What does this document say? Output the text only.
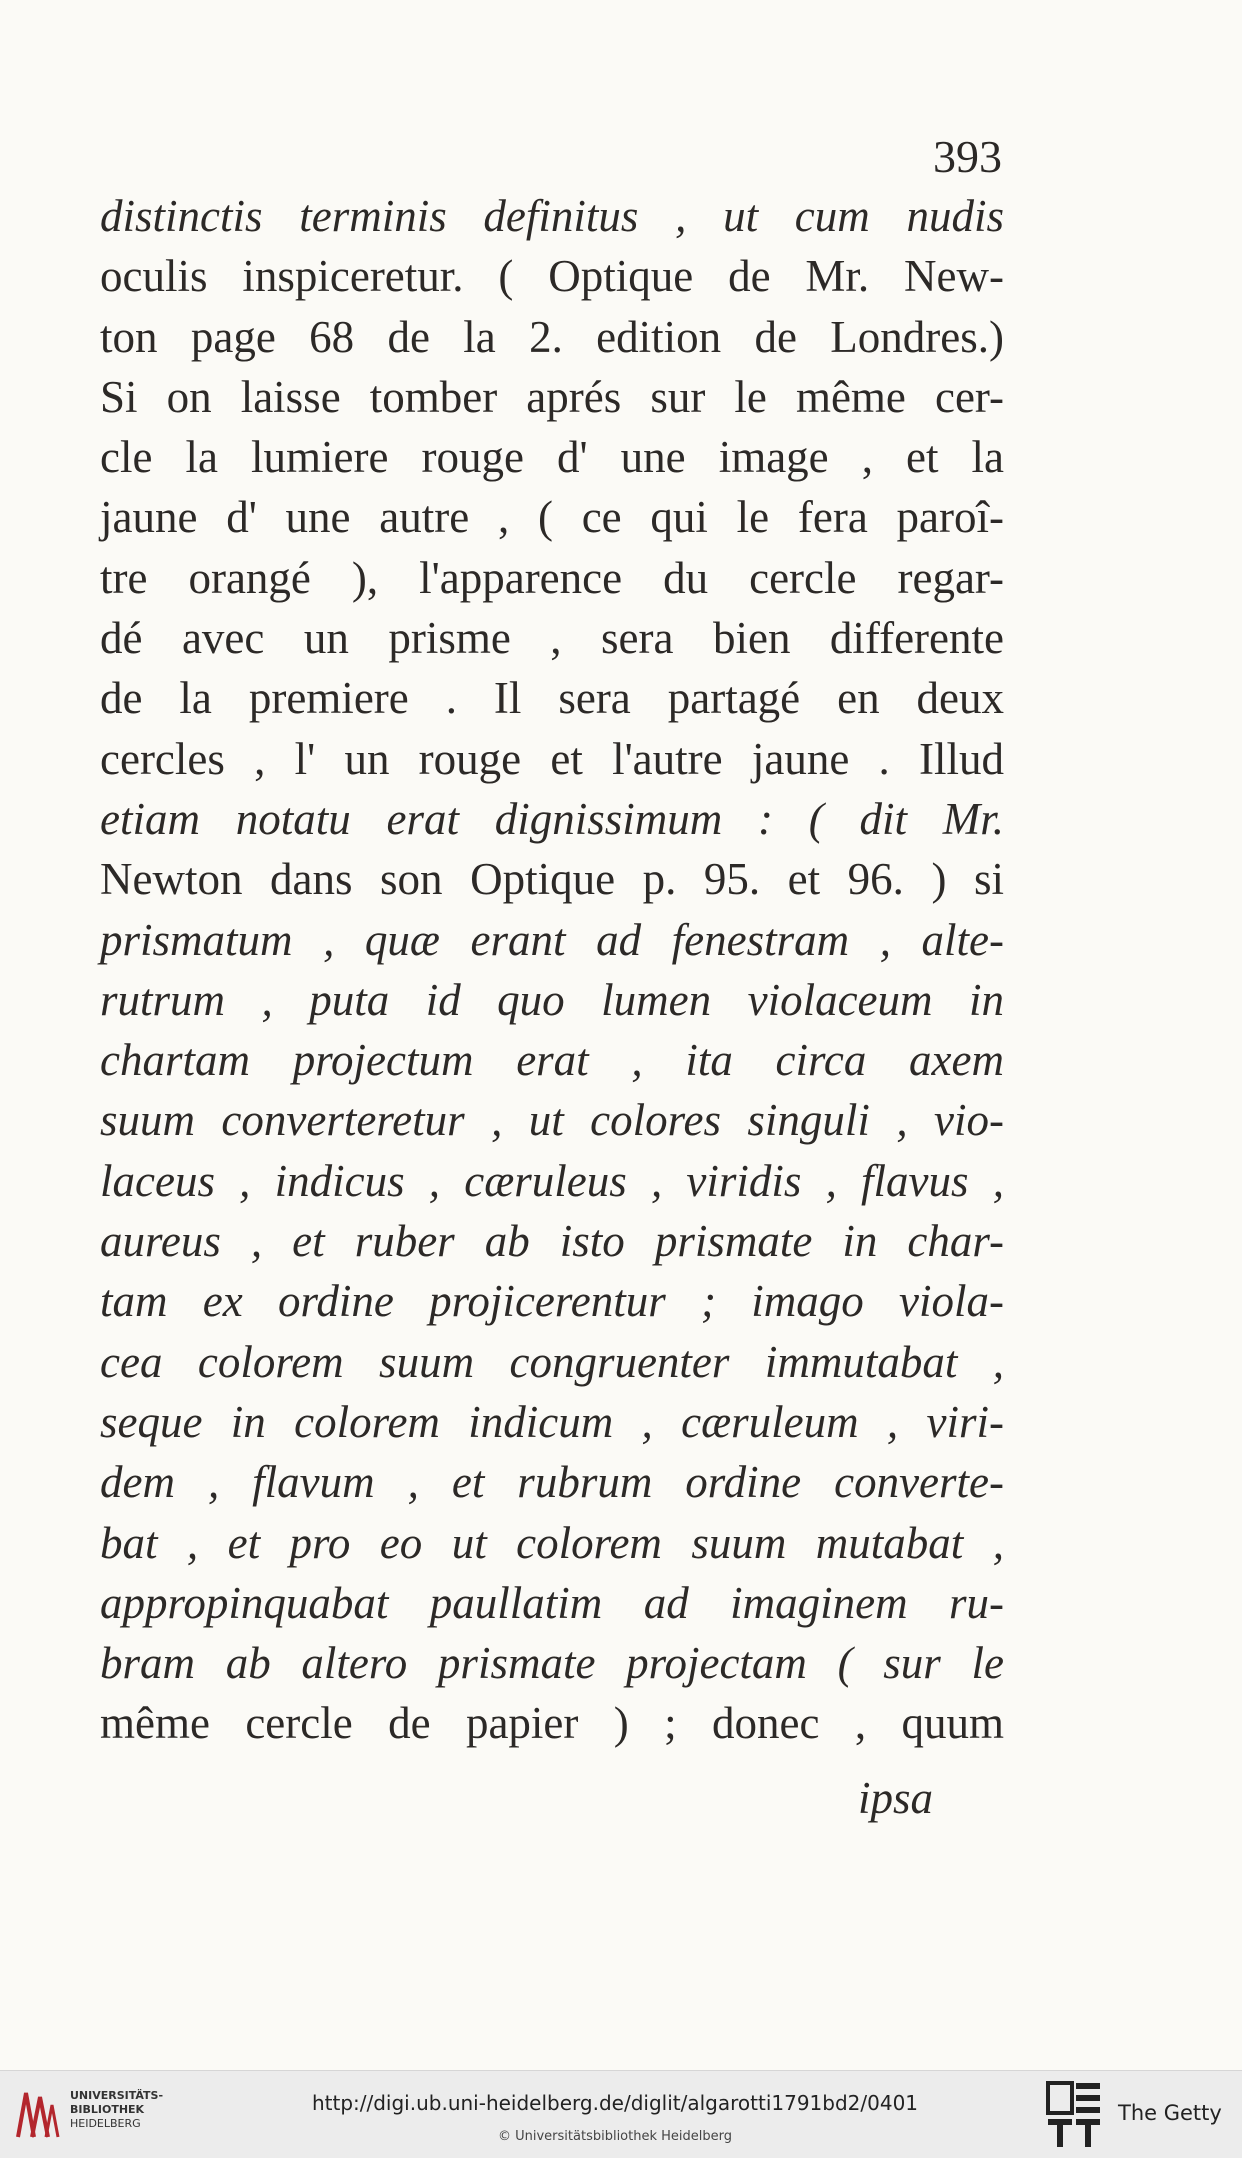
393
distinctis terminis definitus , ut cum nudis
oculis inspiceretur. ( Optique de Mr. New-
ton page 68 de la 2. edition de Londres.)
Si on laisse tomber aprés sur le même cer-
cle la lumiere rouge d' une image , et la
jaune d' une autre , ( ce qui le fera paroî-
tre orangé ), l'apparence du cercle regar-
dé avec un prisme , sera bien differente
de la premiere . Il sera partagé en deux
cercles , l' un rouge et l'autre jaune . Illud
etiam notatu erat dignissimum : ( dit Mr.
Newton dans son Optique p. 95. et 96. ) si
prismatum , quæ erant ad fenestram , alte-
rutrum , puta id quo lumen violaceum in
chartam projectum erat , ita circa axem
suum converteretur , ut colores singuli , vio-
laceus , indicus , cæruleus , viridis , flavus ,
aureus , et ruber ab isto prismate in char-
tam ex ordine projicerentur ; imago viola-
cea colorem suum congruenter immutabat ,
seque in colorem indicum , cæruleum , viri-
dem , flavum , et rubrum ordine converte-
bat , et pro eo ut colorem suum mutabat ,
appropinquabat paullatim ad imaginem ru-
bram ab altero prismate projectam ( sur le
même cercle de papier ) ; donec , quum
ipsa
UNIVERSITÄTS-
BIBLIOTHEK
HEIDELBERG
http://digi.ub.uni-heidelberg.de/diglit/algarotti1791bd2/0401
© Universitätsbibliothek Heidelberg
The Getty
